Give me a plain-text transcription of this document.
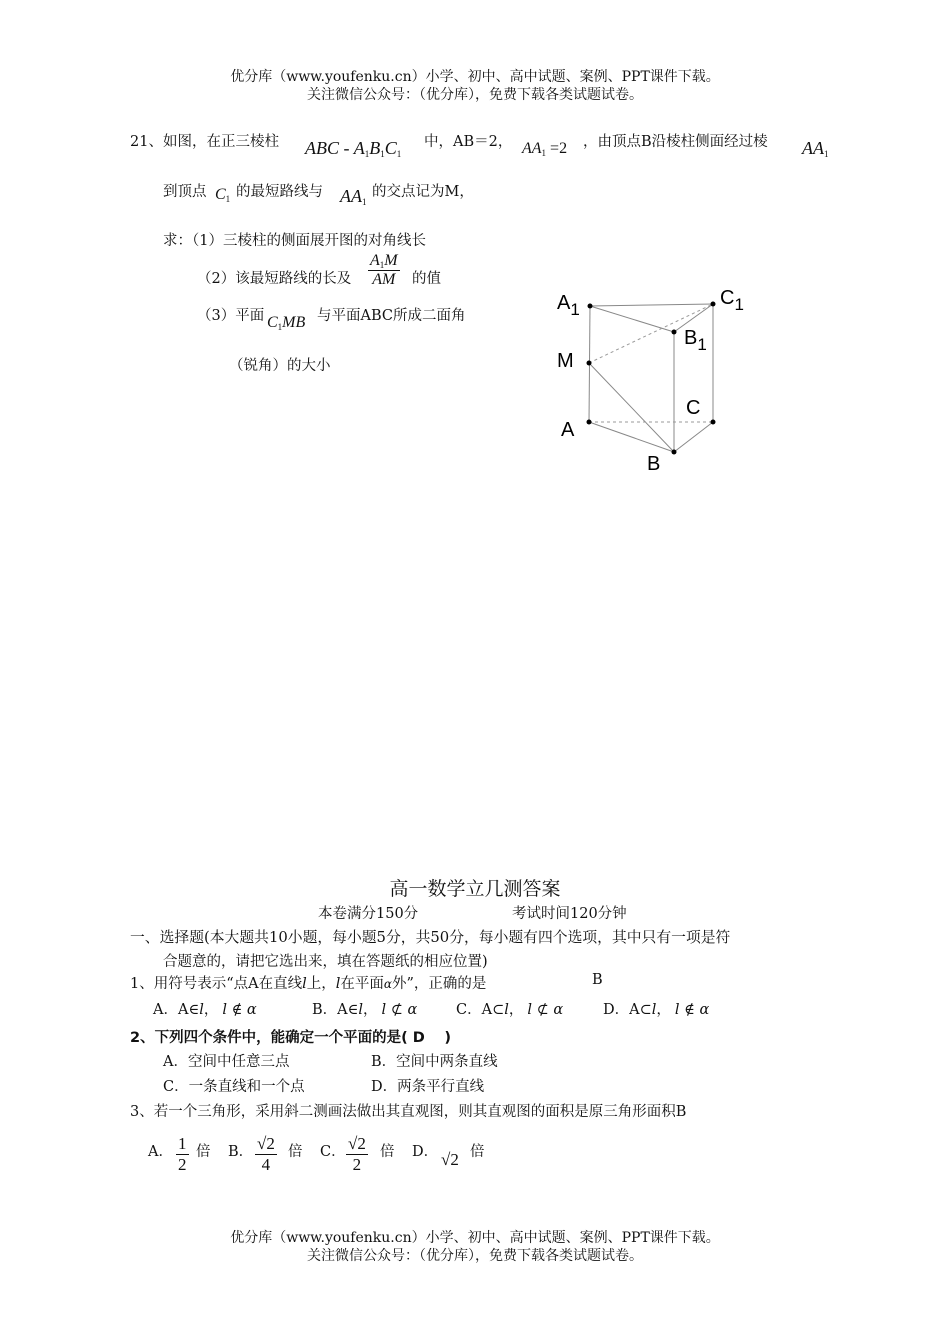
优分库（www.youfenku.cn）小学、初中、高中试题、案例、PPT课件下载。
关注微信公众号：（优分库），免费下载各类试题试卷。
21、如图，在正三棱柱 ABC - $A_1B_1C_1$
中，AB＝2， $AA_1 =2$ ，由顶点B沿棱柱侧面经过棱 $AA_1$
到顶点 $C_1$ 的最短路线与 $AA_1$
的交点记为M，
求：（1）三棱柱的侧面展开图的对角线长
（2）该最短路线的长及 $\frac{A_1M}{AM}$ 的值
（3）平面 $C_1MB$ 与平面ABC所成二面角
（锐角）的大小
$A_1$
$C_1$
$B_1$
M
C
A
B
高一数学立几测答案
本卷满分150分	考试时间120分钟
一、选择题(本大题共10小题，每小题5分，共50分，每小题有四个选项，其中只有一项是符
合题意的，请把它选出来，填在答题纸的相应位置)
1、用符号表示“点A在直线l上，l在平面α外”，正确的是	B
A．A∈l， l ∉ α	B．A∈l， l ⊄ α	C．A⊂l， l ⊄ α	D．A⊂l， l ∉ α
2、下列四个条件中，能确定一个平面的是( D　 )
A．空间中任意三点	B．空间中两条直线
C．一条直线和一个点	D．两条平行直线
3、若一个三角形，采用斜二测画法做出其直观图，则其直观图的面积是原三角形面积B
A． $\frac{1}{2}$ 倍 B． $\frac{√2}{4}$ 倍 C． $\frac{√2}{2}$ 倍 D． √2 倍
优分库（www.youfenku.cn）小学、初中、高中试题、案例、PPT课件下载。
关注微信公众号：（优分库），免费下载各类试题试卷。
